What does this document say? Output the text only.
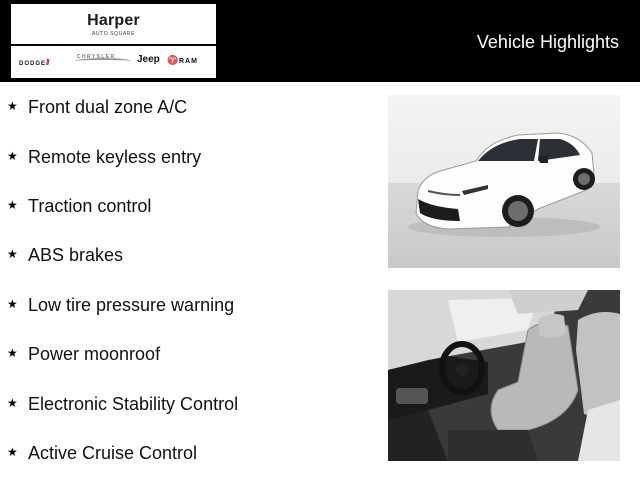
Harper
AUTO SQUARE
DODGE//
CHRYSLER Jeep ♈ RAM
Vehicle Highlights
★ Front dual zone A/C
★ Remote keyless entry
★ Traction control
★ ABS brakes
★ Low tire pressure warning
★ Power moonroof
★ Electronic Stability Control
★ Active Cruise Control
